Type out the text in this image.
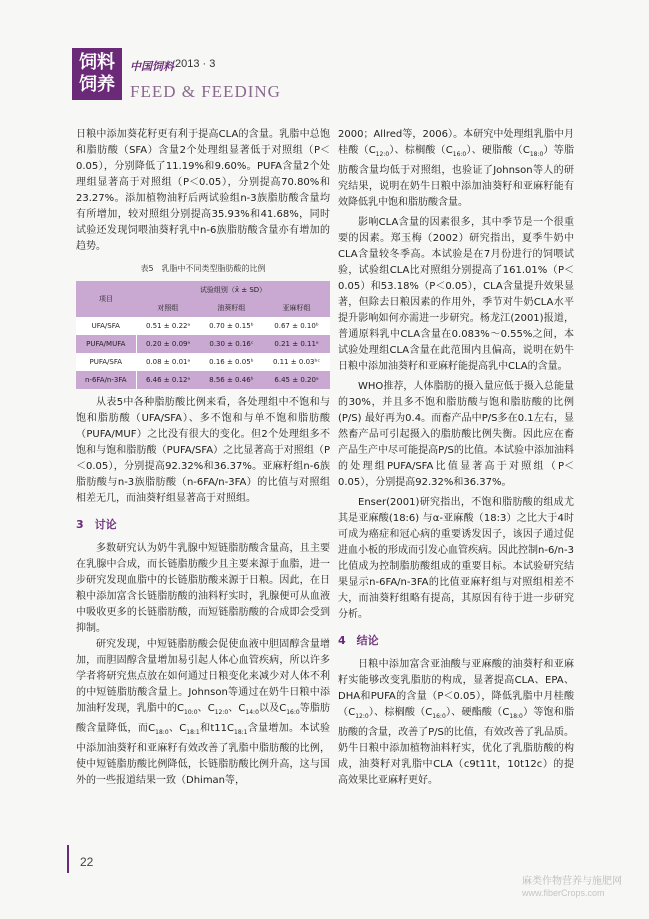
饲料
饲养
中国饲料 2013 · 3
FEED & FEEDING

日粮中添加葵花籽更有利于提高CLA的含量。乳脂中总饱和脂肪酸（SFA）含量2个处理组显著低于对照组（P＜0.05），分别降低了11.19%和9.60%。PUFA含量2个处理组显著高于对照组（P＜0.05），分别提高70.80%和23.27%。添加植物油籽后两试验组n-3族脂肪酸含量均有所增加，较对照组分别提高35.93%和41.68%，同时试验还发现饲喂油葵籽乳中n-6族脂肪酸含量亦有增加的趋势。

表5　乳脂中不同类型脂肪酸的比例
项目	试验组别（x̄ ± SD）		
	对照组	油葵籽组	亚麻籽组
UFA/SFA	0.51 ± 0.22ᵃ	0.70 ± 0.15ᵇ	0.67 ± 0.10ᵇ
PUFA/MUFA	0.20 ± 0.09ᵃ	0.30 ± 0.16ᶜ	0.21 ± 0.11ᵃ
PUFA/SFA	0.08 ± 0.01ᵃ	0.16 ± 0.05ᵇ	0.11 ± 0.03ᵇᶜ
n-6FA/n-3FA	6.46 ± 0.12ᵃ	8.56 ± 0.46ᵇ	6.45 ± 0.20ᵃ

从表5中各种脂肪酸比例来看，各处理组中不饱和与饱和脂肪酸（UFA/SFA）、多不饱和与单不饱和脂肪酸（PUFA/MUF）之比没有很大的变化。但2个处理组多不饱和与饱和脂肪酸（PUFA/SFA）之比显著高于对照组（P＜0.05），分别提高92.32%和36.37%。亚麻籽组n-6族脂肪酸与n-3族脂肪酸（n-6FA/n-3FA）的比值与对照组相差无几，而油葵籽组显著高于对照组。

3　讨论

多数研究认为奶牛乳腺中短链脂肪酸含量高，且主要在乳腺中合成，而长链脂肪酸少且主要来源于血脂，进一步研究发现血脂中的长链脂肪酸来源于日粮。因此，在日粮中添加富含长链脂肪酸的油料籽实时，乳腺便可从血液中吸收更多的长链脂肪酸，而短链脂肪酸的合成即会受到抑制。

研究发现，中短链脂肪酸会促使血液中胆固醇含量增加，而胆固醇含量增加易引起人体心血管疾病，所以许多学者将研究焦点放在如何通过日粮变化来减少对人体不利的中短链脂肪酸含量上。Johnson等通过在奶牛日粮中添加油籽发现，乳脂中的$C_{10:0}$、$C_{12:0}$、$C_{14:0}$以及$C_{16:0}$等脂肪酸含量降低，而$C_{18:0}$、$C_{18:1}$和$t11C_{18:1}$含量增加。本试验中添加油葵籽和亚麻籽有效改善了乳脂中脂肪酸的比例，使中短链脂肪酸比例降低，长链脂肪酸比例升高，这与国外的一些报道结果一致（Dhiman等，

2000；Allred等，2006）。本研究中处理组乳脂中月桂酸$(C_{12:0})$、棕榈酸$(C_{16:0})$、硬脂酸$(C_{18:0})$等脂肪酸含量均低于对照组，也验证了Johnson等人的研究结果，说明在奶牛日粮中添加油葵籽和亚麻籽能有效降低乳中饱和脂肪酸含量。

影响CLA含量的因素很多，其中季节是一个很重要的因素。郑玉梅（2002）研究指出，夏季牛奶中CLA含量较冬季高。本试验是在7月份进行的饲喂试验，试验组CLA比对照组分别提高了161.01%（P＜0.05）和53.18%（P＜0.05），CLA含量提升效果显著，但除去日粮因素的作用外，季节对牛奶CLA水平提升影响如何亦需进一步研究。杨龙江(2001)报道，普通原料乳中CLA含量在0.083%～0.55%之间，本试验处理组CLA含量在此范围内且偏高，说明在奶牛日粮中添加油葵籽和亚麻籽能提高乳中CLA的含量。

WHO推荐，人体脂肪的摄入量应低于摄入总能量的30%，并且多不饱和脂肪酸与饱和脂肪酸的比例(P/S) 最好再为0.4。而畜产品中P/S多在0.1左右，显然畜产品可引起摄入的脂肪酸比例失衡。因此应在畜产品生产中尽可能提高P/S的比值。本试验中添加油料的处理组PUFA/SFA比值显著高于对照组（P＜0.05），分别提高92.32%和36.37%。

Enser(2001)研究指出，不饱和脂肪酸的组成尤其是亚麻酸(18:6) 与α-亚麻酸（18:3）之比大于4时可成为癌症和冠心病的重要诱发因子，该因子通过促进血小板的形成而引发心血管疾病。因此控制n-6/n-3比值成为控制脂肪酸组成的重要目标。本试验研究结果显示n-6FA/n-3FA的比值亚麻籽组与对照组相差不大，而油葵籽组略有提高，其原因有待于进一步研究分析。

4　结论

日粮中添加富含亚油酸与亚麻酸的油葵籽和亚麻籽实能够改变乳脂肪的构成，显著提高CLA、EPA、DHA和PUFA的含量（P＜0.05），降低乳脂中月桂酸$(C_{12:0})$、棕榈酸$(C_{16:0})$、硬酯酸$(C_{18:0})$等饱和脂肪酸的含量，改善了P/S的比值，有效改善了乳品质。奶牛日粮中添加植物油料籽实，优化了乳脂肪酸的构成，油葵籽对乳脂中CLA（c9t11t，10t12c）的提高效果比亚麻籽更好。

22
麻类作物营养与施肥网
www.fiberCrops.com
